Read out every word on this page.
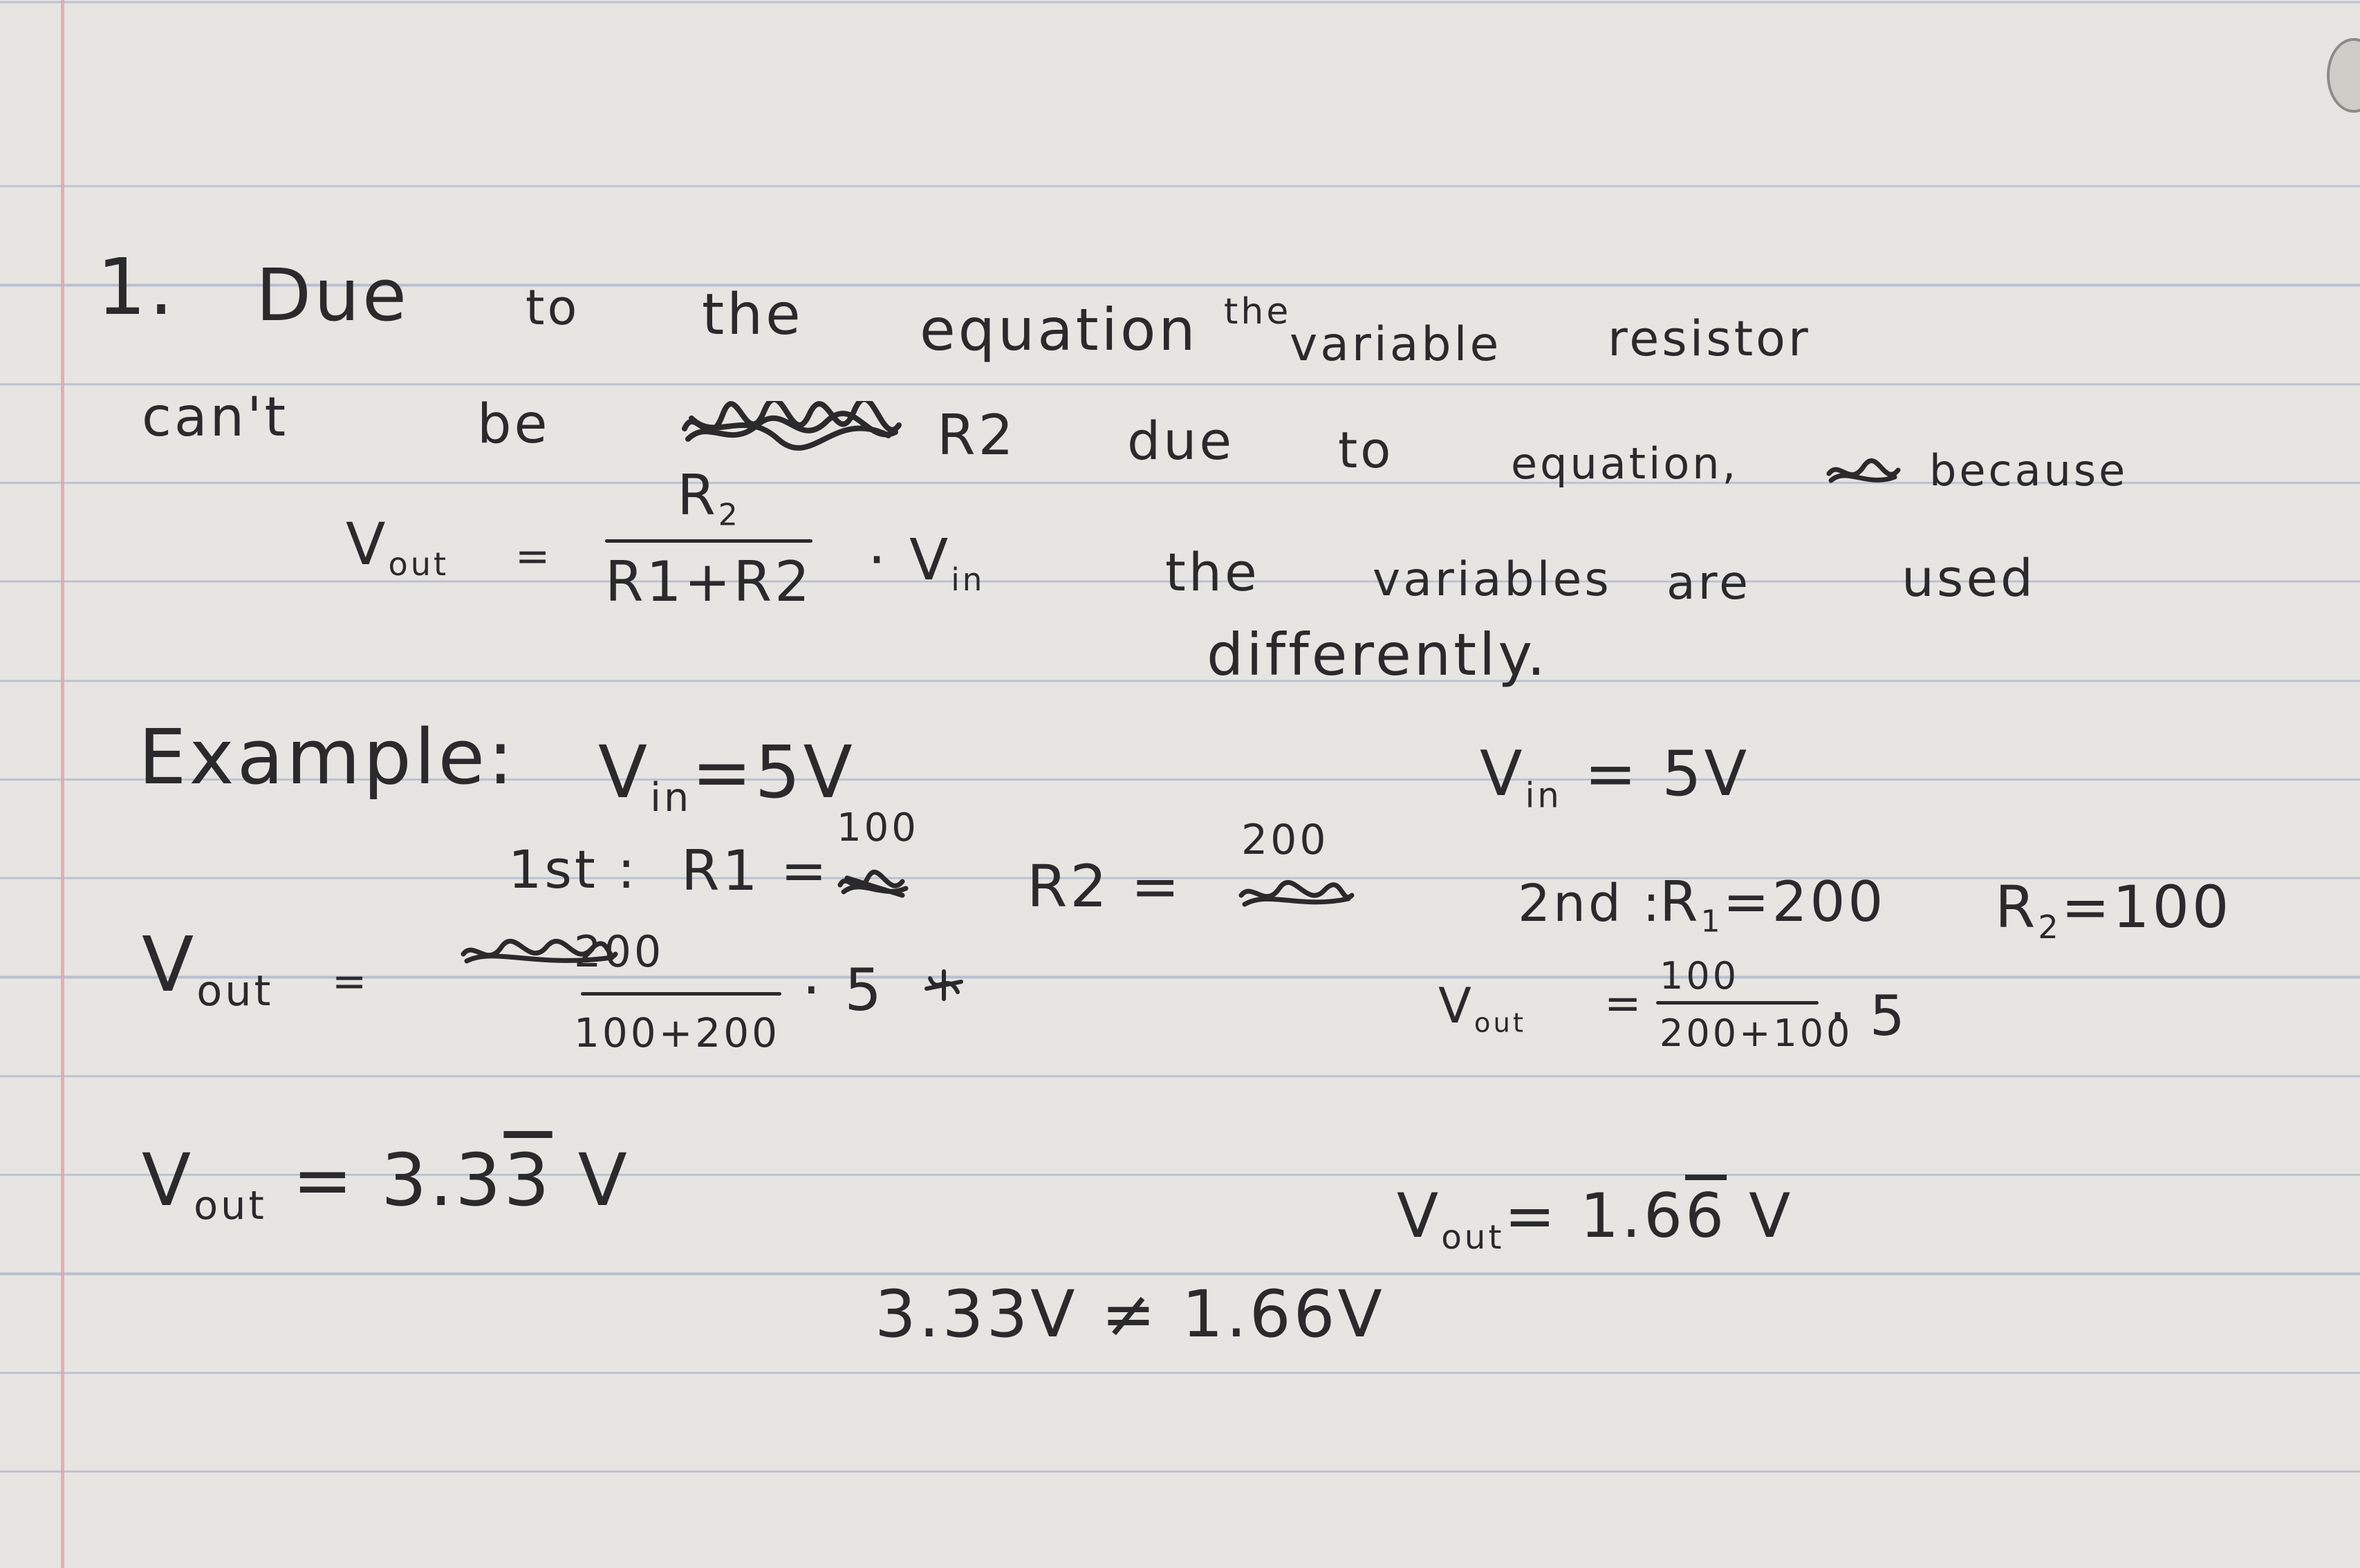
1. Due to the equation the
variable resistor
can't	be	R2 due to	equation,	because
$V_{out}$ =
$R_2$
$R1+R2 \cdot V_{in}$	the variables are	used
differently.
Example: $V_{in}=5V$	$V_{in} = 5V$
1st : R1 =
100
R2 =
200
2nd :
$R_1=200$ $R_2=100$
$V_{out}$ =
200
100+200
· 5	$V_{out}$ =
100
200+100
· 5
$V_{out} = 3.33$ V	$V_{out}= 1.66$ V
3.33V ≠ 1.66V
